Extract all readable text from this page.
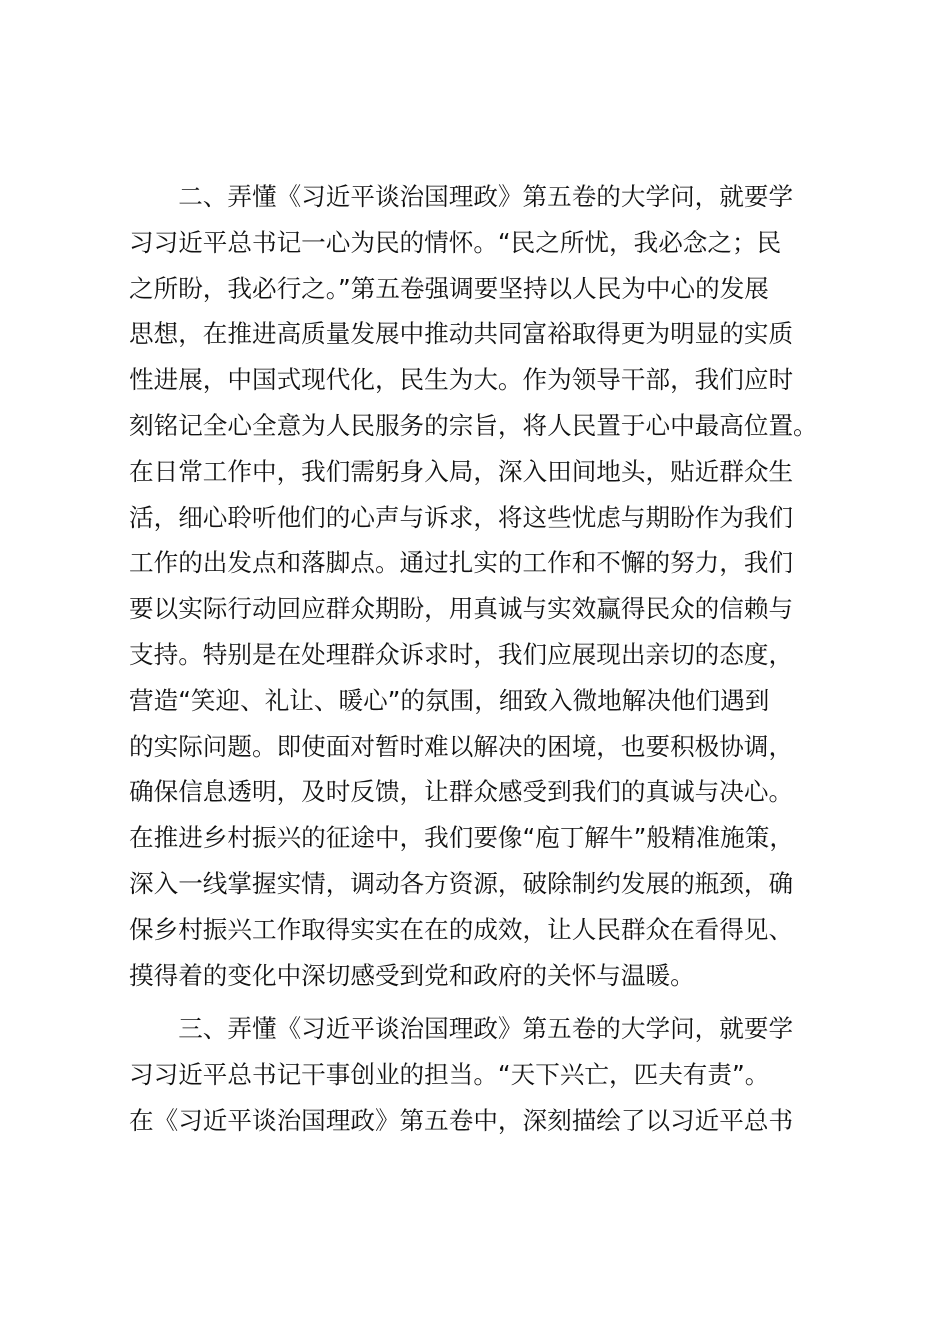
　　二、弄懂《习近平谈治国理政》第五卷的大学问，就要学
习习近平总书记一心为民的情怀。“民之所忧，我必念之；民
之所盼，我必行之。”第五卷强调要坚持以人民为中心的发展
思想，在推进高质量发展中推动共同富裕取得更为明显的实质
性进展，中国式现代化，民生为大。作为领导干部，我们应时
刻铭记全心全意为人民服务的宗旨，将人民置于心中最高位置。
在日常工作中，我们需躬身入局，深入田间地头，贴近群众生
活，细心聆听他们的心声与诉求，将这些忧虑与期盼作为我们
工作的出发点和落脚点。通过扎实的工作和不懈的努力，我们
要以实际行动回应群众期盼，用真诚与实效赢得民众的信赖与
支持。特别是在处理群众诉求时，我们应展现出亲切的态度，
营造“笑迎、礼让、暖心”的氛围，细致入微地解决他们遇到
的实际问题。即使面对暂时难以解决的困境，也要积极协调，
确保信息透明，及时反馈，让群众感受到我们的真诚与决心。
在推进乡村振兴的征途中，我们要像“庖丁解牛”般精准施策，
深入一线掌握实情，调动各方资源，破除制约发展的瓶颈，确
保乡村振兴工作取得实实在在的成效，让人民群众在看得见、
摸得着的变化中深切感受到党和政府的关怀与温暖。
　　三、弄懂《习近平谈治国理政》第五卷的大学问，就要学
习习近平总书记干事创业的担当。“天下兴亡，匹夫有责”。
在《习近平谈治国理政》第五卷中，深刻描绘了以习近平总书
